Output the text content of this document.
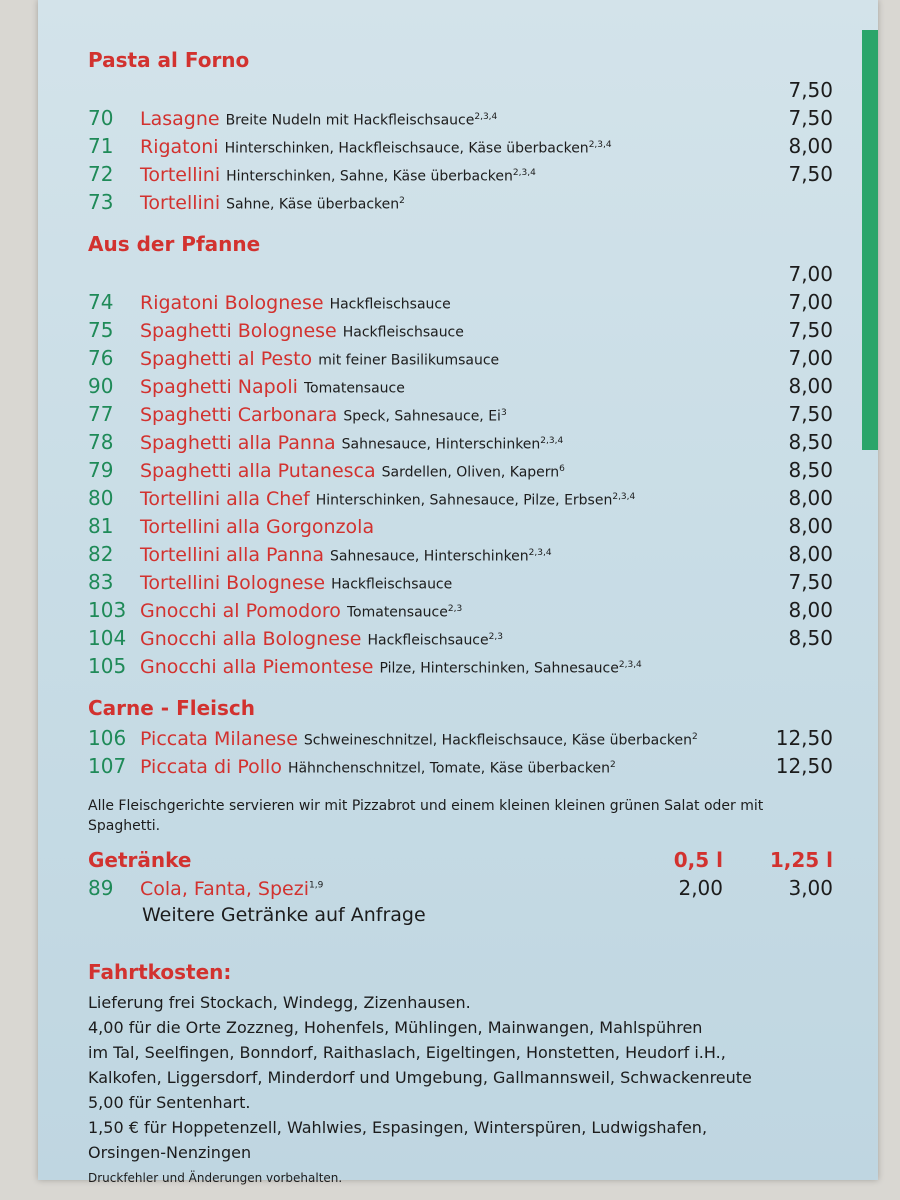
Pasta al Forno
7,50
70	Lasagne Breite Nudeln mit Hackfleischsauce$^{2,3,4}$	7,50
71	Rigatoni Hinterschinken, Hackfleischsauce, Käse überbacken$^{2,3,4}$	8,00
72	Tortellini Hinterschinken, Sahne, Käse überbacken$^{2,3,4}$	7,50
73	Tortellini Sahne, Käse überbacken$^2$
Aus der Pfanne
7,00
74	Rigatoni Bolognese Hackfleischsauce	7,00
75	Spaghetti Bolognese Hackfleischsauce	7,50
76	Spaghetti al Pesto mit feiner Basilikumsauce	7,00
90	Spaghetti Napoli Tomatensauce	8,00
77	Spaghetti Carbonara Speck, Sahnesauce, Ei$^3$	7,50
78	Spaghetti alla Panna Sahnesauce, Hinterschinken$^{2,3,4}$	8,50
79	Spaghetti alla Putanesca Sardellen, Oliven, Kapern$^6$	8,50
80	Tortellini alla Chef Hinterschinken, Sahnesauce, Pilze, Erbsen$^{2,3,4}$	8,00
81	Tortellini alla Gorgonzola	8,00
82	Tortellini alla Panna Sahnesauce, Hinterschinken$^{2,3,4}$	8,00
83	Tortellini Bolognese Hackfleischsauce	7,50
103 Gnocchi al Pomodoro Tomatensauce$^{2,3}$	8,00
104 Gnocchi alla Bolognese Hackfleischsauce$^{2,3}$	8,50
105 Gnocchi alla Piemontese Pilze, Hinterschinken, Sahnesauce$^{2,3,4}$
Carne - Fleisch
106 Piccata Milanese Schweineschnitzel, Hackfleischsauce, Käse überbacken$^2$	12,50
107 Piccata di Pollo Hähnchenschnitzel, Tomate, Käse überbacken$^2$	12,50
Alle Fleischgerichte servieren wir mit Pizzabrot und einem kleinen kleinen grünen Salat oder mit Spaghetti.
Getränke	0,5 l	1,25 l
89	Cola, Fanta, Spezi$^{1,9}$	2,00	3,00
Weitere Getränke auf Anfrage
Fahrtkosten:
Lieferung frei Stockach, Windegg, Zizenhausen.
4,00 für die Orte Zozzneg, Hohenfels, Mühlingen, Mainwangen, Mahlspühren
im Tal, Seelfingen, Bonndorf, Raithaslach, Eigeltingen, Honstetten, Heudorf i.H.,
Kalkofen, Liggersdorf, Minderdorf und Umgebung, Gallmannsweil, Schwackenreute
5,00 für Sentenhart.
1,50 € für Hoppetenzell, Wahlwies, Espasingen, Winterspüren, Ludwigshafen,
Orsingen-Nenzingen
Druckfehler und Änderungen vorbehalten.
